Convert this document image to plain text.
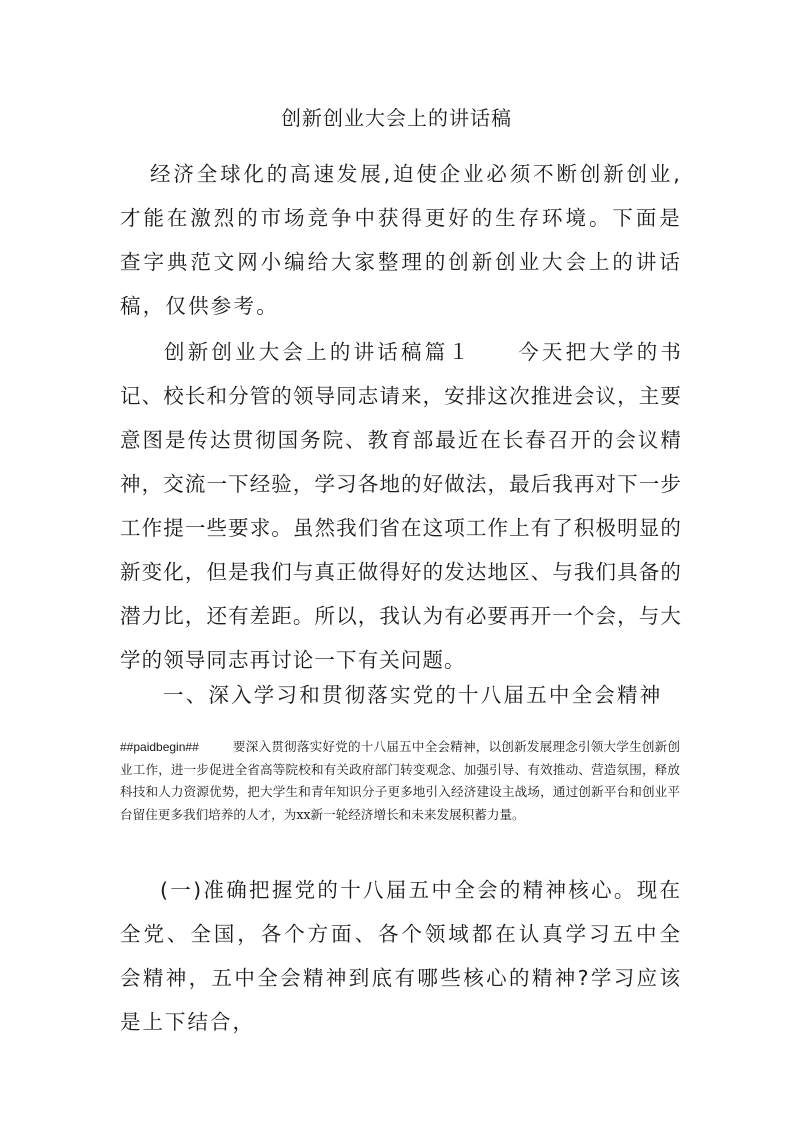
创新创业大会上的讲话稿

经济全球化的高速发展,迫使企业必须不断创新创业,才能在激烈的市场竞争中获得更好的生存环境。下面是查字典范文网小编给大家整理的创新创业大会上的讲话稿，仅供参考。

创新创业大会上的讲话稿篇１ 今天把大学的书记、校长和分管的领导同志请来，安排这次推进会议，主要意图是传达贯彻国务院、教育部最近在长春召开的会议精神，交流一下经验，学习各地的好做法，最后我再对下一步工作提一些要求。虽然我们省在这项工作上有了积极明显的新变化，但是我们与真正做得好的发达地区、与我们具备的潜力比，还有差距。所以，我认为有必要再开一个会，与大学的领导同志再讨论一下有关问题。

一、深入学习和贯彻落实党的十八届五中全会精神

##paidbegin##	要深入贯彻落实好党的十八届五中全会精神，以创新发展理念引领大学生创新创业工作，进一步促进全省高等院校和有关政府部门转变观念、加强引导、有效推动、营造氛围，释放科技和人力资源优势，把大学生和青年知识分子更多地引入经济建设主战场，通过创新平台和创业平台留住更多我们培养的人才，为xx新一轮经济增长和未来发展积蓄力量。

(一)准确把握党的十八届五中全会的精神核心。现在全党、全国，各个方面、各个领域都在认真学习五中全会精神，五中全会精神到底有哪些核心的精神?学习应该是上下结合，
